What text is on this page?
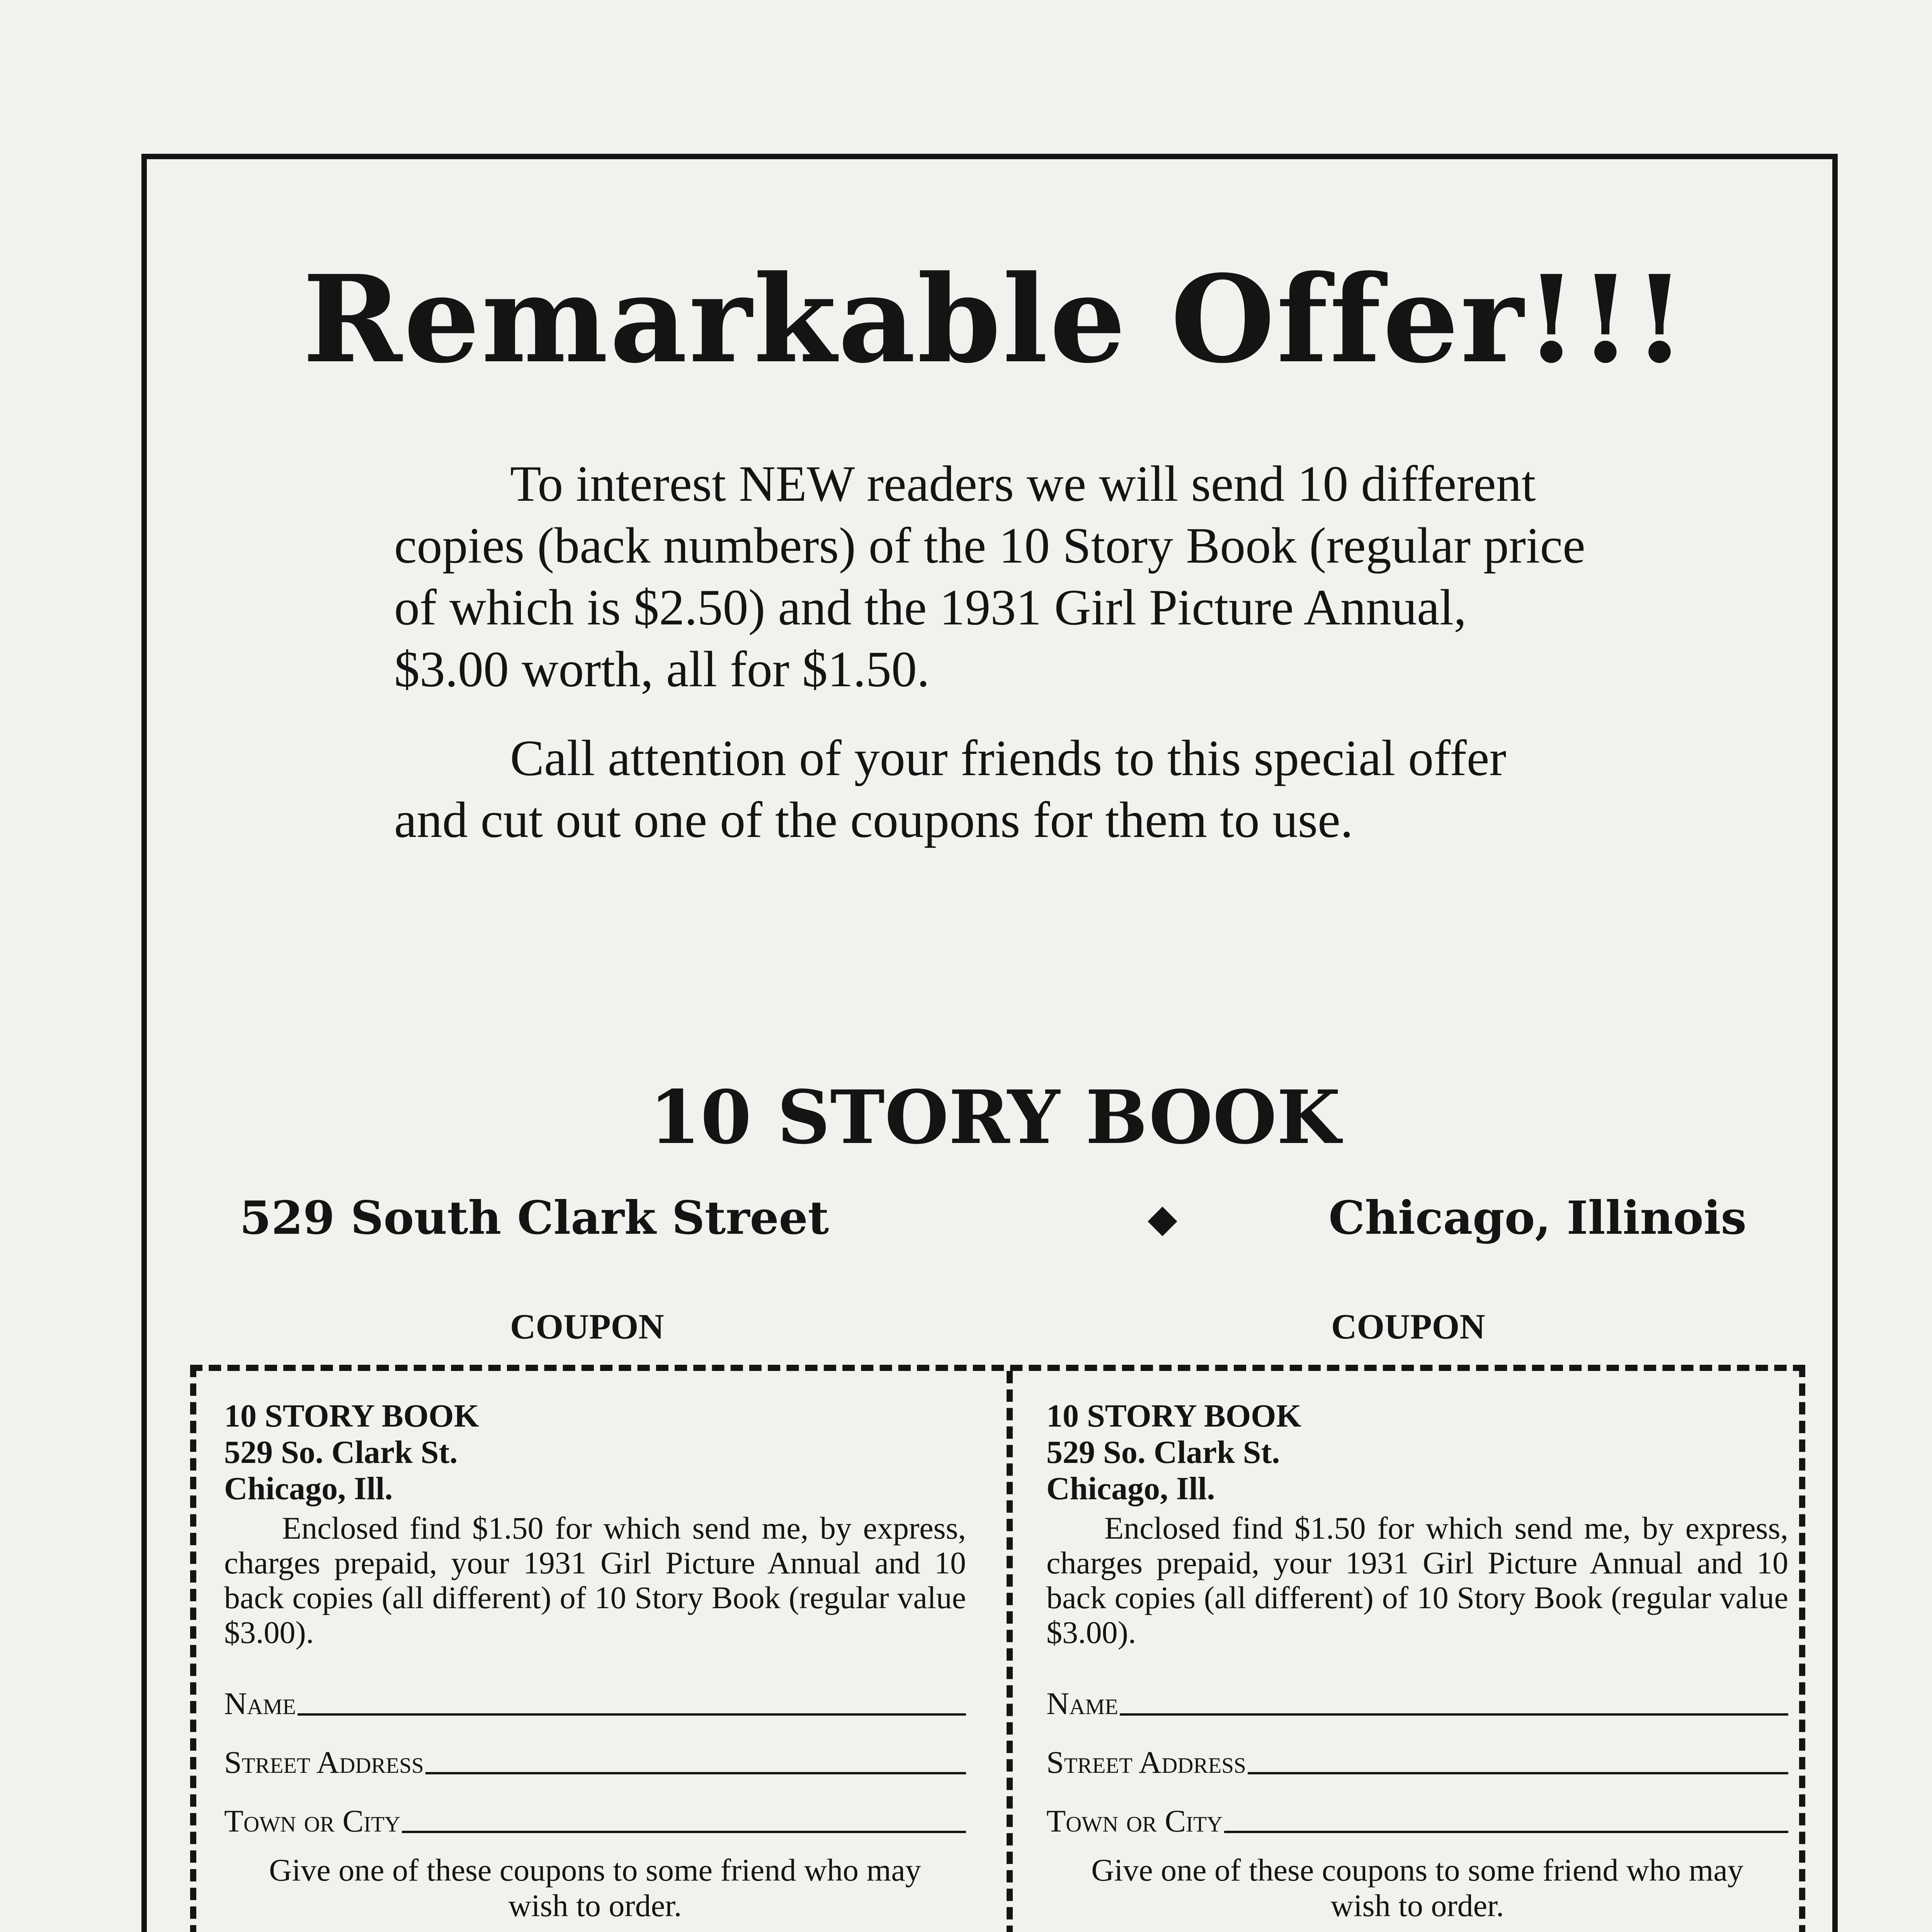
Remarkable Offer!!!

To interest NEW readers we will send 10 different copies (back numbers) of the 10 Story Book (regular price of which is $2.50) and the 1931 Girl Picture Annual, $3.00 worth, all for $1.50.

Call attention of your friends to this special offer and cut out one of the coupons for them to use.

10 STORY BOOK
529 South Clark Street	◆	Chicago, Illinois
COUPON	COUPON
10 STORY BOOK
529 So. Clark St.
Chicago, Ill.
Enclosed find $1.50 for which send me, by express, charges prepaid, your 1931 Girl Picture Annual and 10 back copies (all different) of 10 Story Book (regular value $3.00).
Name
Street Address
Town or City
Give one of these coupons to some friend who may wish to order.
10 STORY BOOK
529 So. Clark St.
Chicago, Ill.
Enclosed find $1.50 for which send me, by express, charges prepaid, your 1931 Girl Picture Annual and 10 back copies (all different) of 10 Story Book (regular value $3.00).
Name
Street Address
Town or City
Give one of these coupons to some friend who may wish to order.
